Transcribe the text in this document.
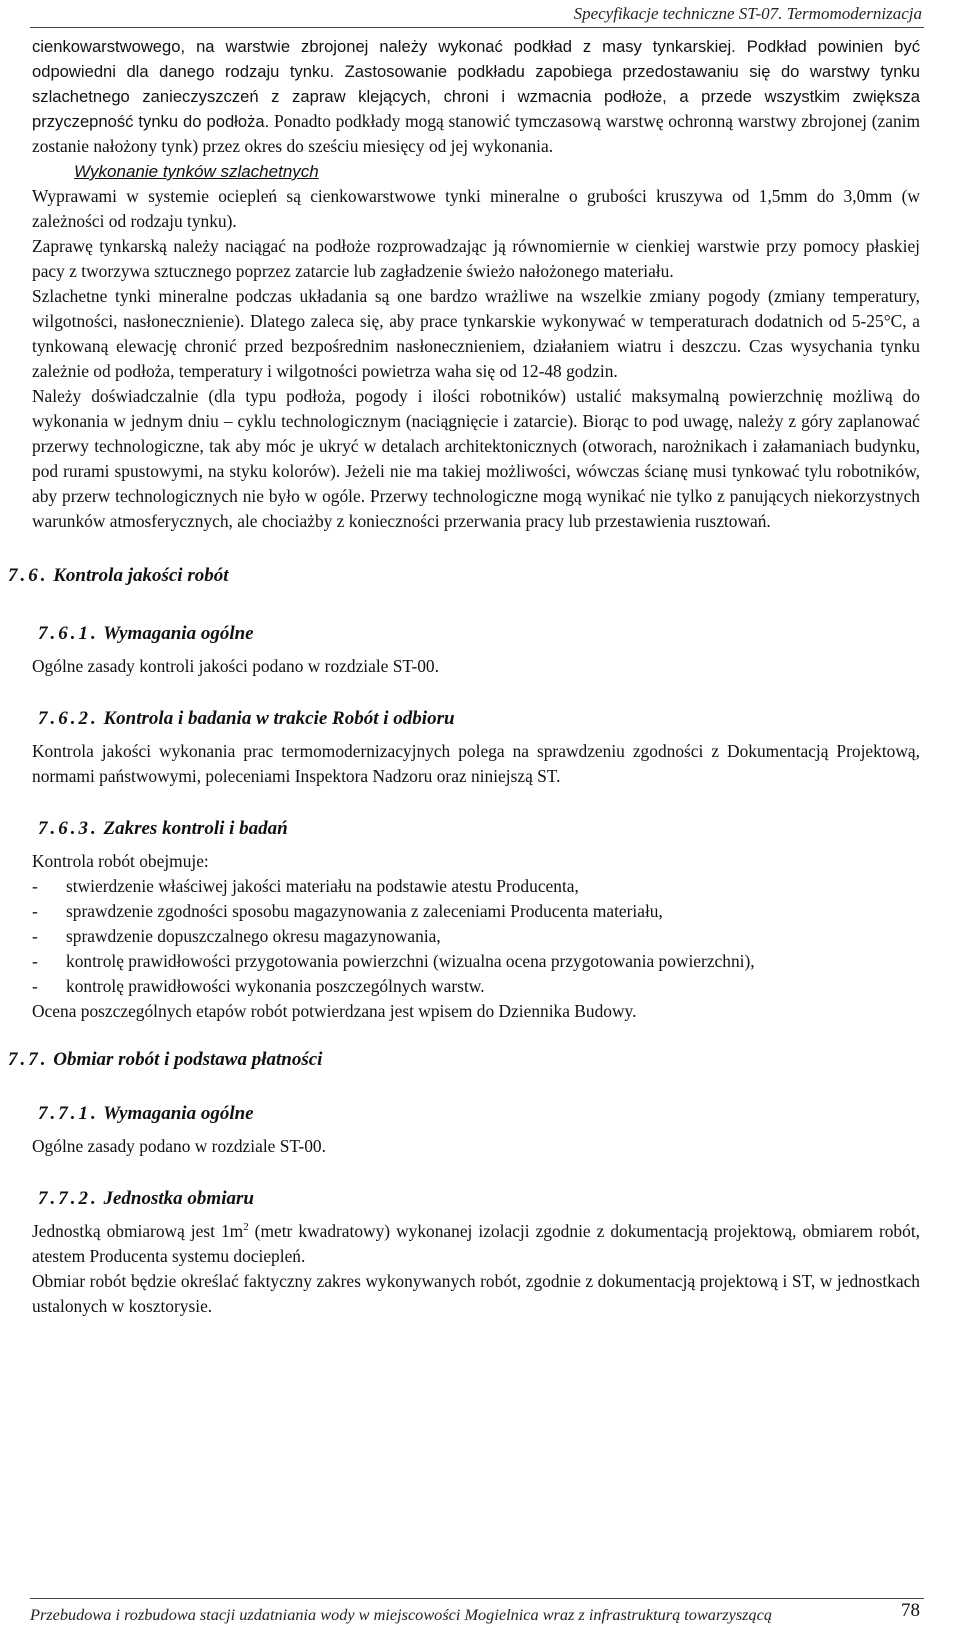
Specyfikacje techniczne ST-07. Termomodernizacja

cienkowarstwowego, na warstwie zbrojonej należy wykonać podkład z masy tynkarskiej. Podkład powinien być odpowiedni dla danego rodzaju tynku. Zastosowanie podkładu zapobiega przedostawaniu się do warstwy tynku szlachetnego zanieczyszczeń z zapraw klejących, chroni i wzmacnia podłoże, a przede wszystkim zwiększa przyczepność tynku do podłoża. Ponadto podkłady mogą stanowić tymczasową warstwę ochronną warstwy zbrojonej (zanim zostanie nałożony tynk) przez okres do sześciu miesięcy od jej wykonania.

Wykonanie tynków szlachetnych

Wyprawami w systemie ociepleń są cienkowarstwowe tynki mineralne o grubości kruszywa od 1,5mm do 3,0mm (w zależności od rodzaju tynku).

Zaprawę tynkarską należy naciągać na podłoże rozprowadzając ją równomiernie w cienkiej warstwie przy pomocy płaskiej pacy z tworzywa sztucznego poprzez zatarcie lub zagładzenie świeżo nałożonego materiału.

Szlachetne tynki mineralne podczas układania są one bardzo wrażliwe na wszelkie zmiany pogody (zmiany temperatury, wilgotności, nasłonecznienie). Dlatego zaleca się, aby prace tynkarskie wykonywać w temperaturach dodatnich od 5-25°C, a tynkowaną elewację chronić przed bezpośrednim nasłonecznieniem, działaniem wiatru i deszczu. Czas wysychania tynku zależnie od podłoża, temperatury i wilgotności powietrza waha się od 12-48 godzin.

Należy doświadczalnie (dla typu podłoża, pogody i ilości robotników) ustalić maksymalną powierzchnię możliwą do wykonania w jednym dniu – cyklu technologicznym (naciągnięcie i zatarcie). Biorąc to pod uwagę, należy z góry zaplanować przerwy technologiczne, tak aby móc je ukryć w detalach architektonicznych (otworach, narożnikach i załamaniach budynku, pod rurami spustowymi, na styku kolorów). Jeżeli nie ma takiej możliwości, wówczas ścianę musi tynkować tylu robotników, aby przerw technologicznych nie było w ogóle. Przerwy technologiczne mogą wynikać nie tylko z panujących niekorzystnych warunków atmosferycznych, ale chociażby z konieczności przerwania pracy lub przestawienia rusztowań.

7.6. Kontrola jakości robót
7.6.1. Wymagania ogólne

Ogólne zasady kontroli jakości podano w rozdziale ST-00.

7.6.2. Kontrola i badania w trakcie Robót i odbioru

Kontrola jakości wykonania prac termomodernizacyjnych polega na sprawdzeniu zgodności z Dokumentacją Projektową, normami państwowymi, poleceniami Inspektora Nadzoru oraz niniejszą ST.

7.6.3. Zakres kontroli i badań

Kontrola robót obejmuje:

- stwierdzenie właściwej jakości materiału na podstawie atestu Producenta,
- sprawdzenie zgodności sposobu magazynowania z zaleceniami Producenta materiału,
- sprawdzenie dopuszczalnego okresu magazynowania,
- kontrolę prawidłowości przygotowania powierzchni (wizualna ocena przygotowania powierzchni),
- kontrolę prawidłowości wykonania poszczególnych warstw.

Ocena poszczególnych etapów robót potwierdzana jest wpisem do Dziennika Budowy.

7.7. Obmiar robót i podstawa płatności
7.7.1. Wymagania ogólne

Ogólne zasady podano w rozdziale ST-00.

7.7.2. Jednostka obmiaru

Jednostką obmiarową jest $1m^2$ (metr kwadratowy) wykonanej izolacji zgodnie z dokumentacją projektową, obmiarem robót, atestem Producenta systemu dociepleń.

Obmiar robót będzie określać faktyczny zakres wykonywanych robót, zgodnie z dokumentacją projektową i ST, w jednostkach ustalonych w kosztorysie.

Przebudowa i rozbudowa stacji uzdatniania wody w miejscowości Mogielnica wraz z infrastrukturą towarzyszącą	78
